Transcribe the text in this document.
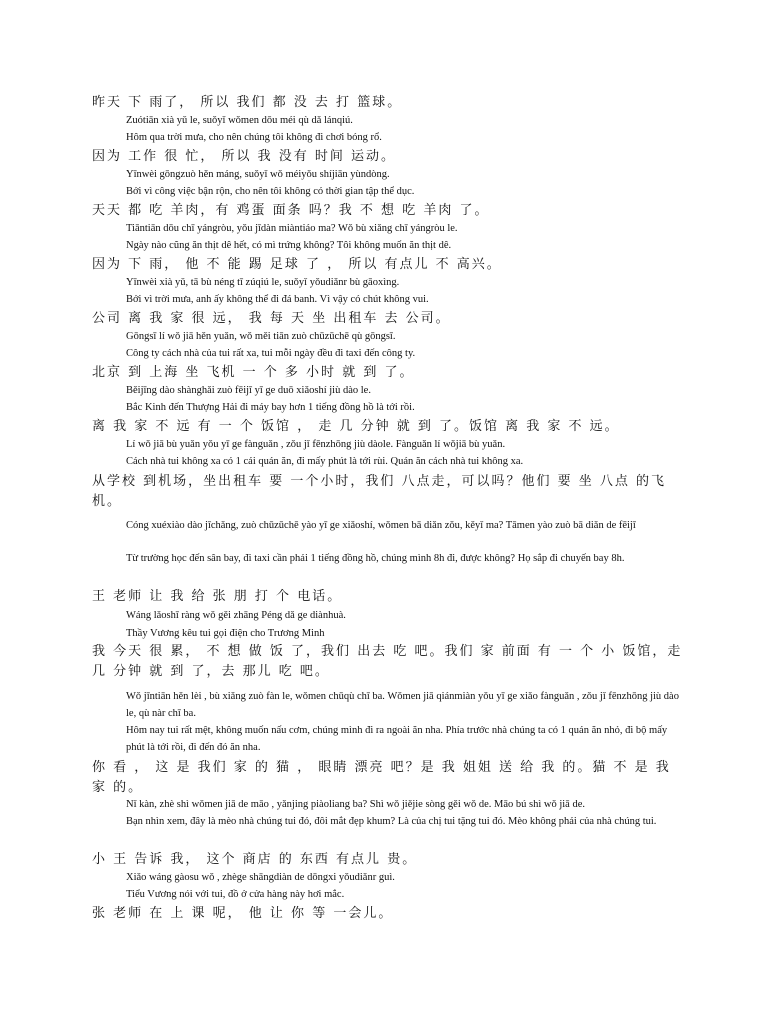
昨天 下 雨了， 所以 我们 都 没 去 打 篮球。
Zuótiān xià yǔ le, suǒyǐ wǒmen dōu méi qù dǎ lánqiú.
Hôm qua trời mưa, cho nên chúng tôi không đi chơi bóng rổ.
因为 工作 很 忙， 所以 我 没有 时间 运动。
Yīnwèi gōngzuò hěn máng, suǒyǐ wǒ méiyǒu shíjiān yùndòng.
Bởi vì công việc bận rộn, cho nên tôi không có thời gian tập thể dục.
天天 都 吃 羊肉，有 鸡蛋 面条 吗？我 不 想 吃 羊肉 了。
Tiāntiān dōu chī yángròu, yǒu jīdàn miàntiáo ma? Wǒ bù xiǎng chī yángròu le.
Ngày nào cũng ăn thịt dê hết, có mì trứng không? Tôi không muốn ăn thịt dê.
因为 下 雨， 他 不 能 踢 足球 了 ， 所以 有点儿 不 高兴。
Yīnwèi xià yǔ, tā bù néng tī zúqiú le, suǒyǐ yǒudiǎnr bù gāoxìng.
Bởi vì trời mưa, anh ấy không thể đi đá banh. Vì vậy có chút không vui.
公司 离 我 家 很 远， 我 每 天 坐 出租车 去 公司。
Gōngsī lí wǒ jiā hěn yuǎn, wǒ měi tiān zuò chūzūchē qù gōngsī.
Công ty cách nhà của tui rất xa, tui mỗi ngày đều đi taxi đến công ty.
北京 到 上海 坐 飞机 一 个 多 小时 就 到 了。
Běijīng dào shànghǎi zuò fēijī yī ge duō xiǎoshí jiù dào le.
Bắc Kinh đến Thượng Hải đi máy bay hơn 1 tiếng đồng hồ là tới rồi.
离 我 家 不 远 有 一 个 饭馆 ， 走 几 分钟 就 到 了。饭馆 离 我 家 不 远。
Lí wǒ jiā bù yuǎn yǒu yī ge fànguǎn , zǒu jǐ fēnzhōng jiù dàole. Fànguǎn lí wǒjiā bù yuǎn.
Cách nhà tui không xa có 1 cái quán ăn, đi mấy phút là tới rùi. Quán ăn cách nhà tui không xa.
从学校 到机场，坐出租车 要 一个小时，我们 八点走，可以吗？他们 要 坐 八点 的飞机。
Cóng xuéxiào dào jīchǎng, zuò chūzūchē yào yī ge xiǎoshí, wǒmen bā diǎn zǒu, kěyǐ ma? Tāmen yào zuò bā diǎn de fēijī
Từ trường học đến sân bay, đi taxi cần phải 1 tiếng đồng hồ, chúng mình 8h đi, được không? Họ sắp đi chuyến bay 8h.
王 老师 让 我 给 张 朋 打 个 电话。
Wáng lǎoshī ràng wǒ gěi zhāng Péng dǎ ge diànhuà.
Thầy Vương kêu tui gọi điện cho Trương Minh
我 今天 很 累， 不 想 做 饭 了，我们 出去 吃 吧。我们 家 前面 有 一 个 小 饭馆，走 几 分钟 就 到 了，去 那儿 吃 吧。
Wǒ jīntiān hěn lèi , bù xiǎng zuò fàn le, wǒmen chūqù chī ba. Wǒmen jiā qiánmiàn yǒu yī ge xiǎo fànguǎn , zǒu jǐ fēnzhōng jiù dào le, qù nàr chī ba.
Hôm nay tui rất mệt, không muốn nấu cơm, chúng mình đi ra ngoài ăn nha. Phía trước nhà chúng ta có 1 quán ăn nhỏ, đi bộ mấy phút là tới rồi, đi đến đó ăn nha.
你 看 ， 这 是 我们 家 的 猫 ， 眼睛 漂亮 吧？是 我 姐姐 送 给 我 的。猫 不 是 我 家 的。
Nǐ kàn, zhè shì wǒmen jiā de māo , yǎnjing piàoliang ba? Shì wǒ jiějie sòng gěi wǒ de. Māo bú shì wǒ jiā de.
Bạn nhìn xem, đây là mèo nhà chúng tui đó, đôi mắt đẹp khum? Là của chị tui tặng tui đó. Mèo không phải của nhà chúng tui.
小 王 告诉 我， 这个 商店 的 东西 有点儿 贵。
Xiǎo wáng gàosu wǒ , zhège shāngdiàn de dōngxi yǒudiǎnr guì.
Tiểu Vương nói với tui, đồ ở cửa hàng này hơi mắc.
张 老师 在 上 课 呢， 他 让 你 等 一会儿。
